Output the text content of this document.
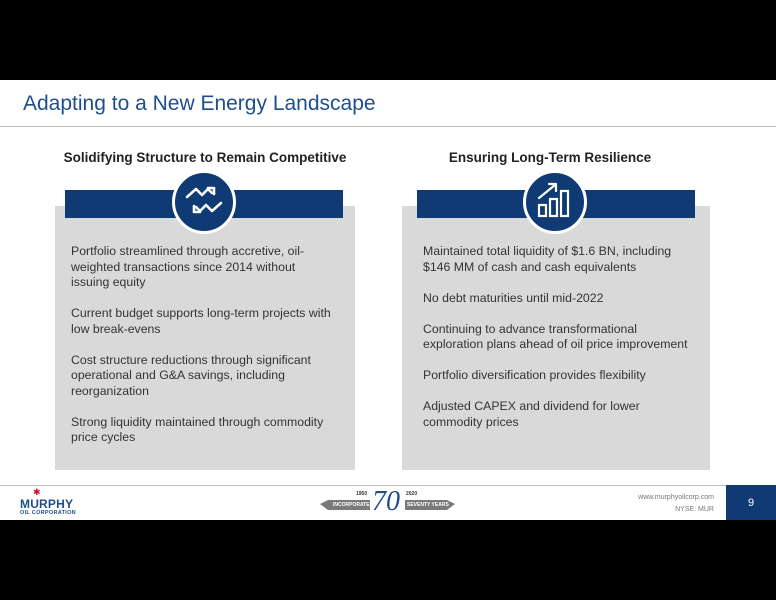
Adapting to a New Energy Landscape
Solidifying Structure to Remain Competitive

Portfolio streamlined through accretive, oil-weighted transactions since 2014 without issuing equity

Current budget supports long-term projects with low break-evens

Cost structure reductions through significant operational and G&A savings, including reorganization

Strong liquidity maintained through commodity price cycles

Ensuring Long-Term Resilience

Maintained total liquidity of $1.6 BN, including $146 MM of cash and cash equivalents

No debt maturities until mid-2022

Continuing to advance transformational exploration plans ahead of oil price improvement

Portfolio diversification provides flexibility

Adjusted CAPEX and dividend for lower commodity prices

✱
MURPHY
OIL CORPORATION
1950
INCORPORATED
70 2020
SEVENTY YEARS
www.murphyoilcorp.com
NYSE: MUR
9
